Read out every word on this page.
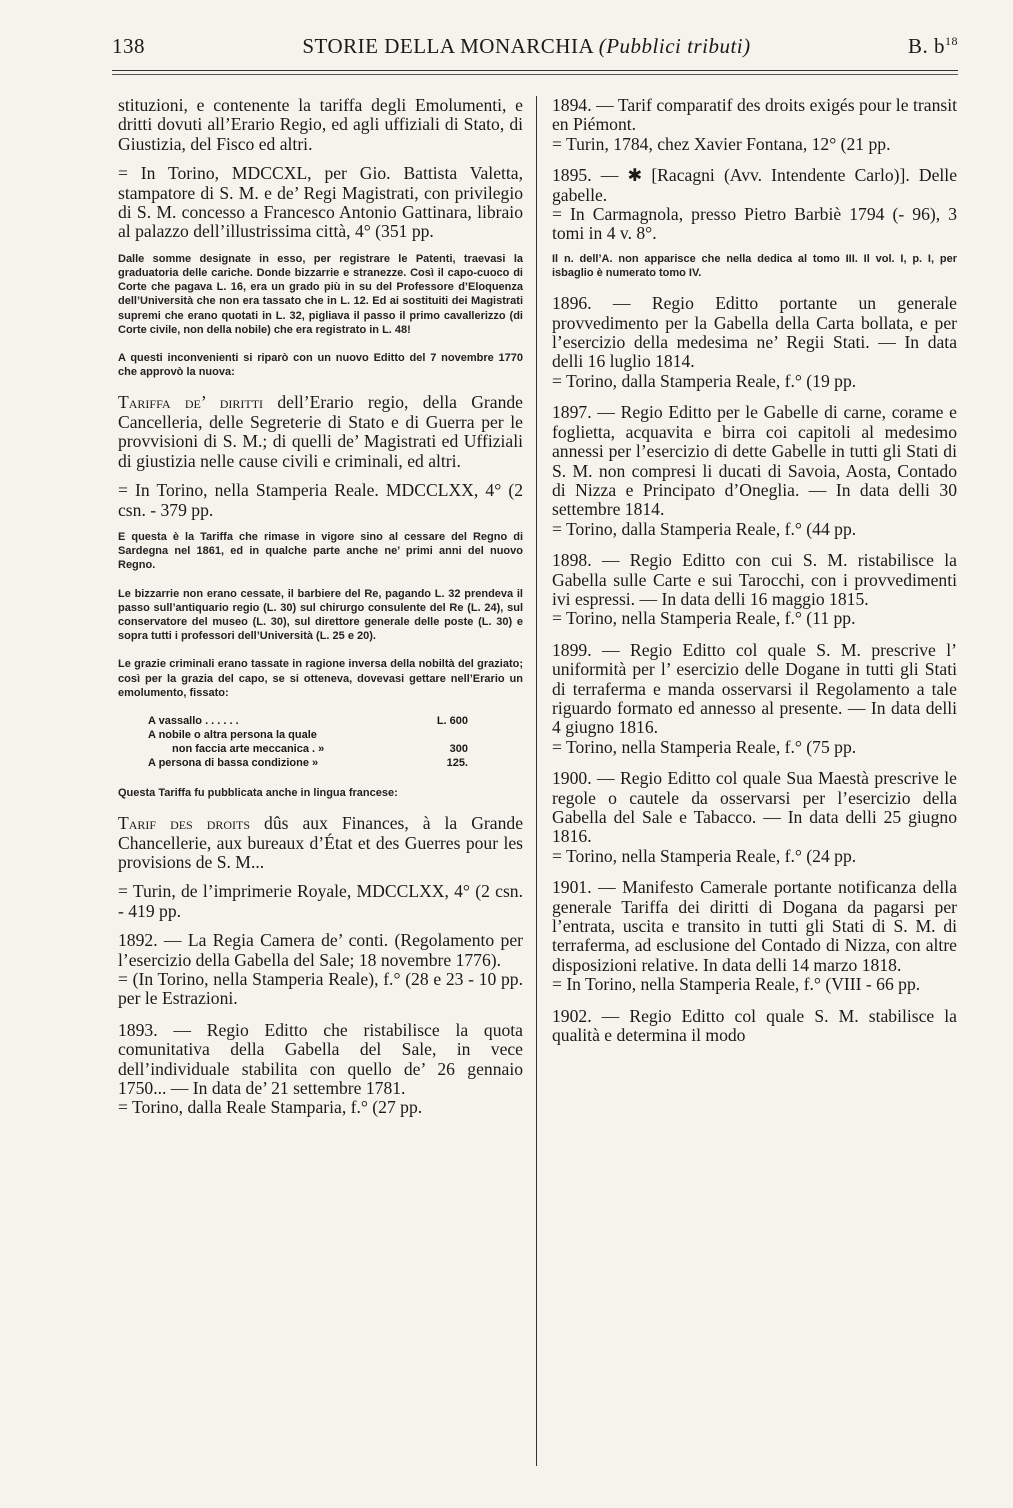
138	STORIE DELLA MONARCHIA (Pubblici tributi)	B. $b^{18}$

stituzioni, e contenente la tariffa degli Emolumenti, e dritti dovuti all’Erario Regio, ed agli uffiziali di Stato, di Giustizia, del Fisco ed altri.

= In Torino, MDCCXL, per Gio. Battista Valetta, stampatore di S. M. e de’ Regi Magistrati, con privilegio di S. M. concesso a Francesco Antonio Gattinara, libraio al palazzo dell’illustrissima città, 4° (351 pp.

Dalle somme designate in esso, per registrare le Patenti, traevasi la graduatoria delle cariche. Donde bizzarrie e stranezze. Così il capo-cuoco di Corte che pagava L. 16, era un grado più in su del Professore d’Eloquenza dell’Università che non era tassato che in L. 12. Ed ai sostituiti dei Magistrati supremi che erano quotati in L. 32, pigliava il passo il primo cavallerizzo (di Corte civile, non della nobile) che era registrato in L. 48!

A questi inconvenienti si riparò con un nuovo Editto del 7 novembre 1770 che approvò la nuova:

Tariffa de’ diritti dell’Erario regio, della Grande Cancelleria, delle Segreterie di Stato e di Guerra per le provvisioni di S. M.; di quelli de’ Magistrati ed Uffiziali di giustizia nelle cause civili e criminali, ed altri.

= In Torino, nella Stamperia Reale. MDCCLXX, 4° (2 csn. - 379 pp.

E questa è la Tariffa che rimase in vigore sino al cessare del Regno di Sardegna nel 1861, ed in qualche parte anche ne’ primi anni del nuovo Regno.

Le bizzarrie non erano cessate, il barbiere del Re, pagando L. 32 prendeva il passo sull’antiquario regio (L. 30) sul chirurgo consulente del Re (L. 24), sul conservatore del museo (L. 30), sul direttore generale delle poste (L. 30) e sopra tutti i professori dell’Università (L. 25 e 20).

Le grazie criminali erano tassate in ragione inversa della nobiltà del graziato; così per la grazia del capo, se si otteneva, dovevasi gettare nell’Erario un emolumento, fissato:

A vassallo . . . . . .	L. 600
A nobile o altra persona la quale
non faccia arte meccanica . »	300
A persona di bassa condizione »	125.

Questa Tariffa fu pubblicata anche in lingua francese:

Tarif des droits dûs aux Finances, à la Grande Chancellerie, aux bureaux d’État et des Guerres pour les provisions de S. M...

= Turin, de l’imprimerie Royale, MDCCLXX, 4° (2 csn. - 419 pp.

1892. — La Regia Camera de’ conti. (Regolamento per l’esercizio della Gabella del Sale; 18 novembre 1776).

= (In Torino, nella Stamperia Reale), f.° (28 e 23 - 10 pp. per le Estrazioni.

1893. — Regio Editto che ristabilisce la quota comunitativa della Gabella del Sale, in vece dell’individuale stabilita con quello de’ 26 gennaio 1750... — In data de’ 21 settembre 1781.

= Torino, dalla Reale Stamparia, f.° (27 pp.

1894. — Tarif comparatif des droits exigés pour le transit en Piémont.

= Turin, 1784, chez Xavier Fontana, 12° (21 pp.

1895. — ✱ [Racagni (Avv. Intendente Carlo)]. Delle gabelle.

= In Carmagnola, presso Pietro Barbiè 1794 (- 96), 3 tomi in 4 v. 8°.

Il n. dell’A. non apparisce che nella dedica al tomo III. Il vol. I, p. I, per isbaglio è numerato tomo IV.

1896. — Regio Editto portante un generale provvedimento per la Gabella della Carta bollata, e per l’esercizio della medesima ne’ Regii Stati. — In data delli 16 luglio 1814.

= Torino, dalla Stamperia Reale, f.° (19 pp.

1897. — Regio Editto per le Gabelle di carne, corame e foglietta, acquavita e birra coi capitoli al medesimo annessi per l’esercizio di dette Gabelle in tutti gli Stati di S. M. non compresi li ducati di Savoia, Aosta, Contado di Nizza e Principato d’Oneglia. — In data delli 30 settembre 1814.

= Torino, dalla Stamperia Reale, f.° (44 pp.

1898. — Regio Editto con cui S. M. ristabilisce la Gabella sulle Carte e sui Tarocchi, con i provvedimenti ivi espressi. — In data delli 16 maggio 1815.

= Torino, nella Stamperia Reale, f.° (11 pp.

1899. — Regio Editto col quale S. M. prescrive l’ uniformità per l’ esercizio delle Dogane in tutti gli Stati di terraferma e manda osservarsi il Regolamento a tale riguardo formato ed annesso al presente. — In data delli 4 giugno 1816.

= Torino, nella Stamperia Reale, f.° (75 pp.

1900. — Regio Editto col quale Sua Maestà prescrive le regole o cautele da osservarsi per l’esercizio della Gabella del Sale e Tabacco. — In data delli 25 giugno 1816.

= Torino, nella Stamperia Reale, f.° (24 pp.

1901. — Manifesto Camerale portante notificanza della generale Tariffa dei diritti di Dogana da pagarsi per l’entrata, uscita e transito in tutti gli Stati di S. M. di terraferma, ad esclusione del Contado di Nizza, con altre disposizioni relative. In data delli 14 marzo 1818.

= In Torino, nella Stamperia Reale, f.° (VIII - 66 pp.

1902. — Regio Editto col quale S. M. stabilisce la qualità e determina il modo
